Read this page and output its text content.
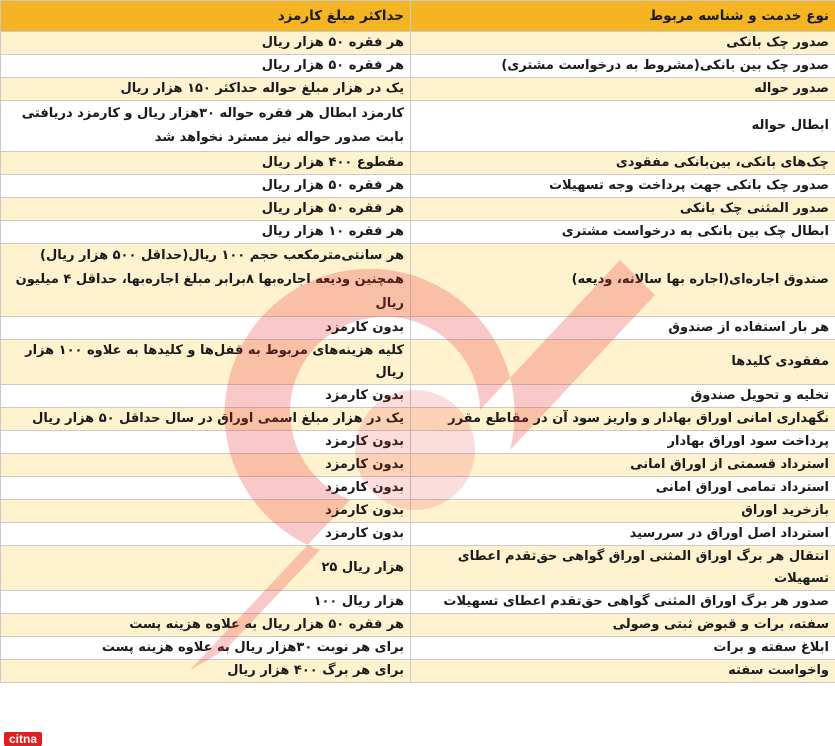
نوع خدمت و شناسه مربوط	حداکثر مبلغ کارمزد
صدور چک بانکی	هر فقره ۵۰ هزار ریال
صدور چک بین بانکی(مشروط به درخواست مشتری)	هر فقره ۵۰ هزار ریال
صدور حواله	یک در هزار مبلغ حواله حداکثر ۱۵۰ هزار ریال
ابطال حواله	کارمزد ابطال هر فقره حواله ۳۰هزار ریال و کارمزد دریافتی بابت صدور حواله نیز مسترد نخواهد شد
چک‌های بانکی، بین‌بانکی مفقودی	مقطوع ۴۰۰ هزار ریال
صدور چک بانکی جهت پرداخت وجه تسهیلات	هر فقره ۵۰ هزار ریال
صدور المثنی چک بانکی	هر فقره ۵۰ هزار ریال
ابطال چک بین بانکی به درخواست مشتری	هر فقره ۱۰ هزار ریال
صندوق اجاره‌ای(اجاره بها سالانه، ودیعه)	هر سانتی‌مترمکعب حجم ۱۰۰ ریال(حداقل ۵۰۰ هزار ریال) همچنین ودیعه اجاره‌بها ۸برابر مبلغ اجاره‌بها، حداقل ۴ میلیون ریال
هر بار استفاده از صندوق	بدون کارمزد
مفقودی کلیدها	کلیه هزینه‌های مربوط به قفل‌ها و کلیدها به علاوه ۱۰۰ هزار ریال
تخلیه و تحویل صندوق	بدون کارمزد
نگهداری امانی اوراق بهادار و واریز سود آن در مقاطع مقرر	یک در هزار مبلغ اسمی اوراق در سال حداقل ۵۰ هزار ریال
پرداخت سود اوراق بهادار	بدون کارمزد
استرداد قسمتی از اوراق امانی	بدون کارمزد
استرداد تمامی اوراق امانی	بدون کارمزد
بازخرید اوراق	بدون کارمزد
استرداد اصل اوراق در سررسید	بدون کارمزد
انتقال هر برگ اوراق المثنی اوراق گواهی حق‌تقدم اعطای تسهیلات	هزار ریال ۲۵
صدور هر برگ اوراق المثنی گواهی حق‌تقدم اعطای تسهیلات	هزار ریال ۱۰۰
سفته، برات و قبوض ثبتی وصولی	هر فقره ۵۰ هزار ریال به علاوه هزینه پست
ابلاغ سفته و برات	برای هر نوبت ۳۰هزار ریال به علاوه هزینه پست
واخواست سفته	برای هر برگ ۴۰۰ هزار ریال
citna
